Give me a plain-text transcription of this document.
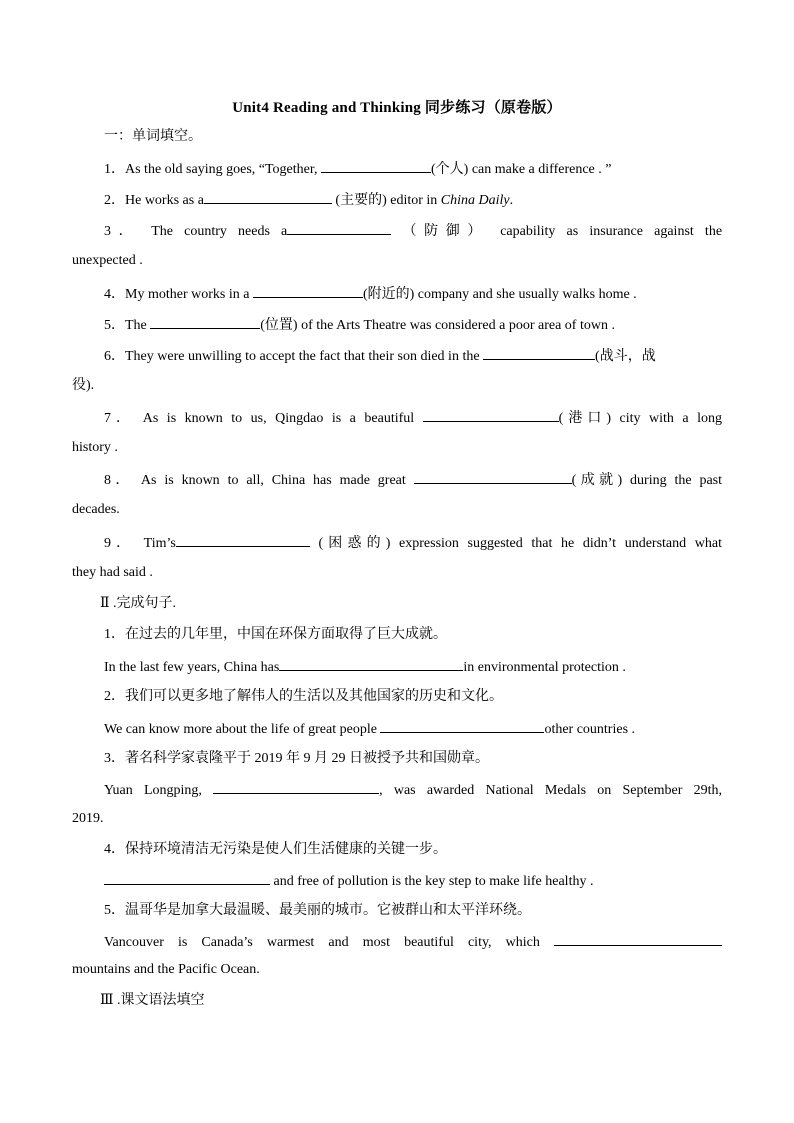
Unit4 Reading and Thinking 同步练习（原卷版）
一：单词填空。
1．As the old saying goes, “Together,	(个人) can make a difference . ”
2．He works as a	(主要的) editor in China Daily.
3． The country needs a	（防御） capability as insurance against the
unexpected .
4．My mother works in a	(附近的) company and she usually walks home .
5．The	(位置) of the Arts Theatre was considered a poor area of town .
6．They were unwilling to accept the fact that their son died in the	(战斗，战
役).
7． As is known to us, Qingdao is a beautiful	(港口) city with a long
history .
8． As is known to all, China has made great	(成就) during the past
decades.
9． Tim’s	(困惑的) expression suggested that he didn’t understand what
they had said .
Ⅱ .完成句子.
1．在过去的几年里，中国在环保方面取得了巨大成就。
In the last few years, China has	in environmental protection .
2．我们可以更多地了解伟人的生活以及其他国家的历史和文化。
We can know more about the life of great people	other countries .
3．著名科学家袁隆平于 2019 年 9 月 29 日被授予共和国勋章。
Yuan Longping,	, was awarded National Medals on September 29th,
2019.
4．保持环境清洁无污染是使人们生活健康的关键一步。
and free of pollution is the key step to make life healthy .
5．温哥华是加拿大最温暖、最美丽的城市。它被群山和太平洋环绕。
Vancouver is Canada’s warmest and most beautiful city, which
mountains and the Pacific Ocean.
Ⅲ .课文语法填空
